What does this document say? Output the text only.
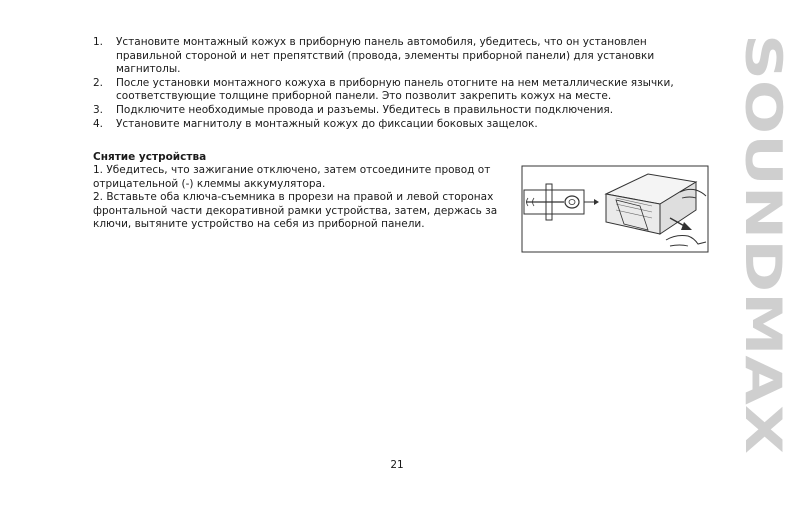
1. Установите монтажный кожух в приборную панель автомобиля, убедитесь, что он установлен правильной стороной и нет препятствий (провода, элементы приборной панели) для установки магнитолы.
2. После установки монтажного кожуха в приборную панель отогните на нем металлические язычки, соответствующие толщине приборной панели. Это позволит закрепить кожух на месте.
3. Подключите необходимые провода и разъемы. Убедитесь в правильности подключения.
4. Установите магнитолу в монтажный кожух до фиксации боковых защелок.
Снятие устройства

1. Убедитесь, что зажигание отключено, затем отсоедините провод от отрицательной (-) клеммы аккумулятора.

2. Вставьте оба ключа-съемника в прорези на правой и левой сторонах фронтальной части декоративной рамки устройства, затем, держась за ключи, вытяните устройство на себя из приборной панели.	SOUNDMAX
21
